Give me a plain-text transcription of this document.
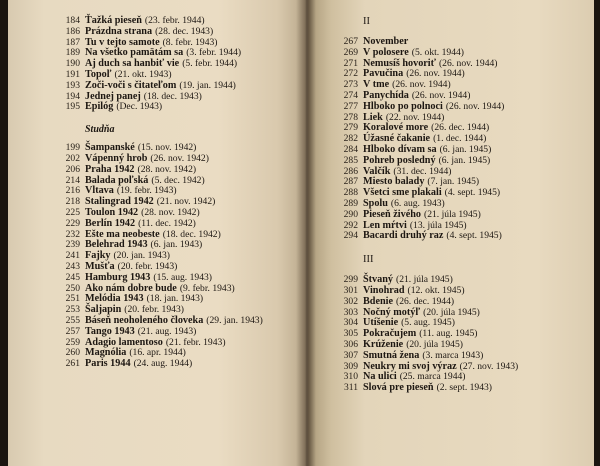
184 Ťažká pieseň (23. febr. 1944)
186 Prázdna strana (28. dec. 1943)
187 Tu v tejto samote (8. febr. 1943)
189 Na všetko pamätám sa (3. febr. 1944)
190 Aj duch sa hanbiť vie (5. febr. 1944)
191 Topoľ (21. okt. 1943)
193 Zoči-voči s čitateľom (19. jan. 1944)
194 Jednej panej (18. dec. 1943)
195 Epilóg (Dec. 1943)
Studňa
199 Šampanské (15. nov. 1942)
202 Vápenný hrob (26. nov. 1942)
206 Praha 1942 (28. nov. 1942)
214 Balada poľská (5. dec. 1942)
216 Vltava (19. febr. 1943)
218 Stalingrad 1942 (21. nov. 1942)
225 Toulon 1942 (28. nov. 1942)
229 Berlín 1942 (11. dec. 1942)
232 Ešte ma neobeste (18. dec. 1942)
239 Belehrad 1943 (6. jan. 1943)
241 Fajky (20. jan. 1943)
243 Mušťa (20. febr. 1943)
245 Hamburg 1943 (15. aug. 1943)
250 Ako nám dobre bude (9. febr. 1943)
251 Melódia 1943 (18. jan. 1943)
253 Šaljapin (20. febr. 1943)
255 Báseň neoholeného človeka (29. jan. 1943)
257 Tango 1943 (21. aug. 1943)
259 Adagio lamentoso (21. febr. 1943)
260 Magnólia (16. apr. 1944)
261 Paris 1944 (24. aug. 1944)
II
267 November
269 V polosere (5. okt. 1944)
271 Nemusíš hovoriť (26. nov. 1944)
272 Pavučina (26. nov. 1944)
273 V tme (26. nov. 1944)
274 Panychída (26. nov. 1944)
277 Hlboko po polnoci (26. nov. 1944)
278 Liek (22. nov. 1944)
279 Koralové more (26. dec. 1944)
282 Úžasné čakanie (1. dec. 1944)
284 Hlboko dívam sa (6. jan. 1945)
285 Pohreb posledný (6. jan. 1945)
286 Valčík (31. dec. 1944)
287 Miesto balady (7. jan. 1945)
288 Všetci sme plakali (4. sept. 1945)
289 Spolu (6. aug. 1943)
290 Pieseň živého (21. júla 1945)
292 Len mŕtvi (13. júla 1945)
294 Bacardi druhý raz (4. sept. 1945)
III
299 Štvaný (21. júla 1945)
301 Vinohrad (12. okt. 1945)
302 Bdenie (26. dec. 1944)
303 Nočný motýľ (20. júla 1945)
304 Utíšenie (5. aug. 1945)
305 Pokračujem (11. aug. 1945)
306 Krúženie (20. júla 1945)
307 Smutná žena (3. marca 1943)
309 Neukry mi svoj výraz (27. nov. 1943)
310 Na ulici (25. marca 1944)
311 Slová pre pieseň (2. sept. 1943)
